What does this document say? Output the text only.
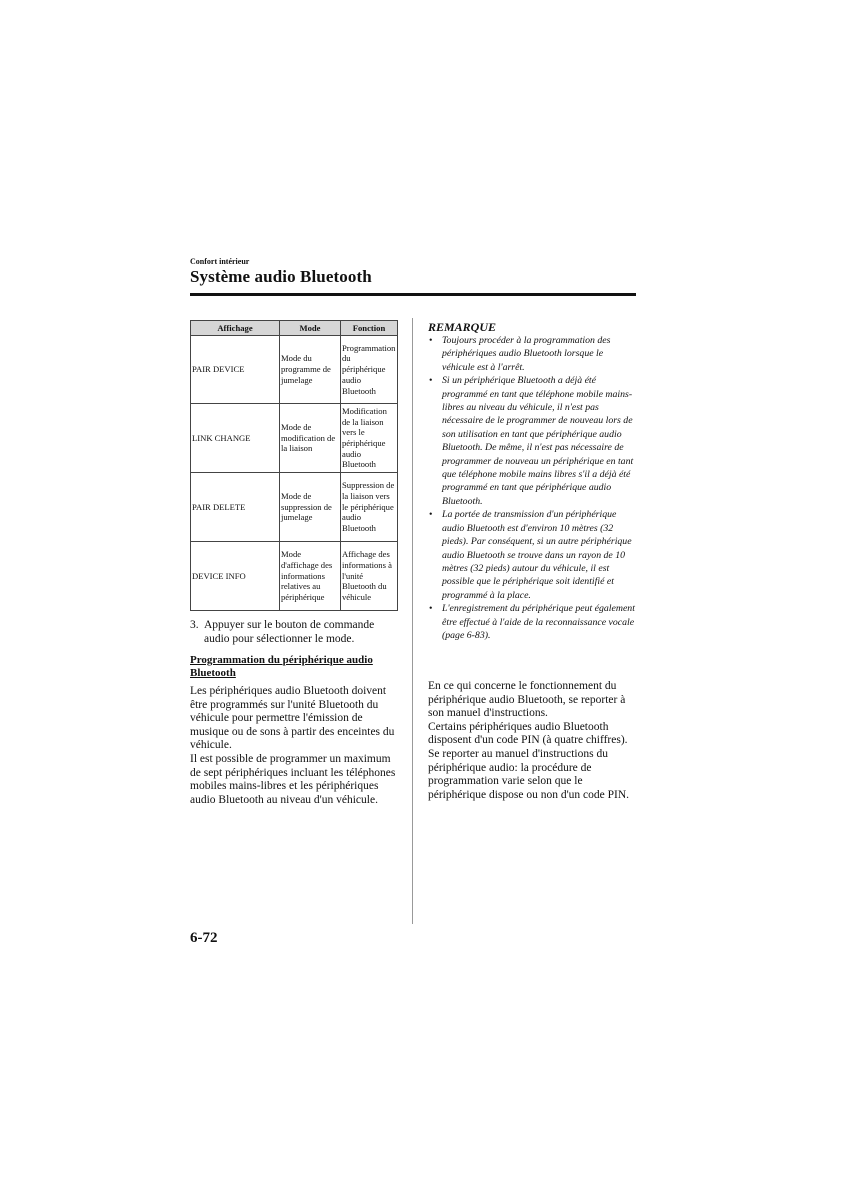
Confort intérieur
Système audio Bluetooth
Affichage	Mode	Fonction
PAIR DEVICE	Mode du programme de jumelage	Programmation du périphérique audio Bluetooth
LINK CHANGE	Mode de modification de la liaison	Modification de la liaison vers le périphérique audio Bluetooth
PAIR DELETE	Mode de suppression de jumelage	Suppression de la liaison vers le périphérique audio Bluetooth
DEVICE INFO	Mode d'affichage des informations relatives au périphérique	Affichage des informations à l'unité Bluetooth du véhicule
3. Appuyer sur le bouton de commande audio pour sélectionner le mode.
Programmation du périphérique audio Bluetooth
Les périphériques audio Bluetooth doivent être programmés sur l'unité Bluetooth du véhicule pour permettre l'émission de musique ou de sons à partir des enceintes du véhicule.
Il est possible de programmer un maximum de sept périphériques incluant les téléphones mobiles mains-libres et les périphériques audio Bluetooth au niveau d'un véhicule.
REMARQUE
• Toujours procéder à la programmation des périphériques audio Bluetooth lorsque le véhicule est à l'arrêt.
• Si un périphérique Bluetooth a déjà été programmé en tant que téléphone mobile mains-libres au niveau du véhicule, il n'est pas nécessaire de le programmer de nouveau lors de son utilisation en tant que périphérique audio Bluetooth. De même, il n'est pas nécessaire de programmer de nouveau un périphérique en tant que téléphone mobile mains libres s'il a déjà été programmé en tant que périphérique audio Bluetooth.
• La portée de transmission d'un périphérique audio Bluetooth est d'environ 10 mètres (32 pieds). Par conséquent, si un autre périphérique audio Bluetooth se trouve dans un rayon de 10 mètres (32 pieds) autour du véhicule, il est possible que le périphérique soit identifié et programmé à la place.
• L'enregistrement du périphérique peut également être effectué à l'aide de la reconnaissance vocale (page 6-83).
En ce qui concerne le fonctionnement du périphérique audio Bluetooth, se reporter à son manuel d'instructions.
Certains périphériques audio Bluetooth disposent d'un code PIN (à quatre chiffres). Se reporter au manuel d'instructions du périphérique audio: la procédure de programmation varie selon que le périphérique dispose ou non d'un code PIN.
6-72
